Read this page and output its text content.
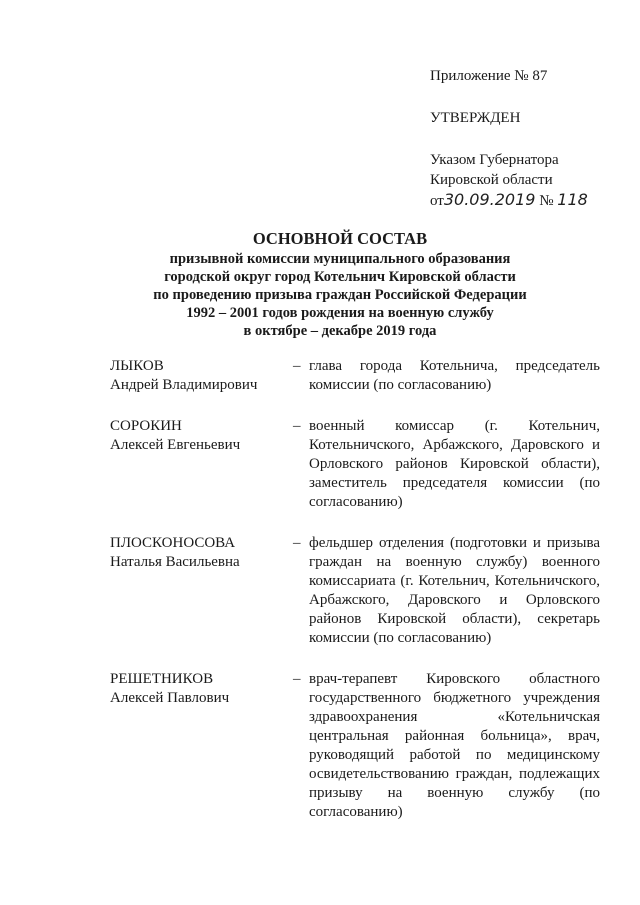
Приложение № 87

УТВЕРЖДЕН

Указом Губернатора
Кировской области
от30.09.2019 № 118

ОСНОВНОЙ СОСТАВ

призывной комиссии муниципального образования

городской округ город Котельнич Кировской области

по проведению призыва граждан Российской Федерации

1992 – 2001 годов рождения на военную службу

в октябре – декабре 2019 года

ЛЫКОВ
Андрей Владимирович
– глава города Котельнича, председатель комиссии (по согласованию)
СОРОКИН
Алексей Евгеньевич
– военный комиссар (г. Котельнич, Котельничского, Арбажского, Даровского и Орловского районов Кировской области), заместитель председателя комиссии (по согласованию)
ПЛОСКОНОСОВА
Наталья Васильевна
– фельдшер отделения (подготовки и призыва граждан на военную службу) военного комиссариата (г. Котельнич, Котельничского, Арбажского, Даровского и Орловского районов Кировской области), секретарь комиссии (по согласованию)
РЕШЕТНИКОВ
Алексей Павлович
– врач-терапевт Кировского областного государственного бюджетного учреждения здравоохранения «Котельничская центральная районная больница», врач, руководящий работой по медицинскому освидетельствованию граждан, подлежащих призыву на военную службу (по согласованию)
